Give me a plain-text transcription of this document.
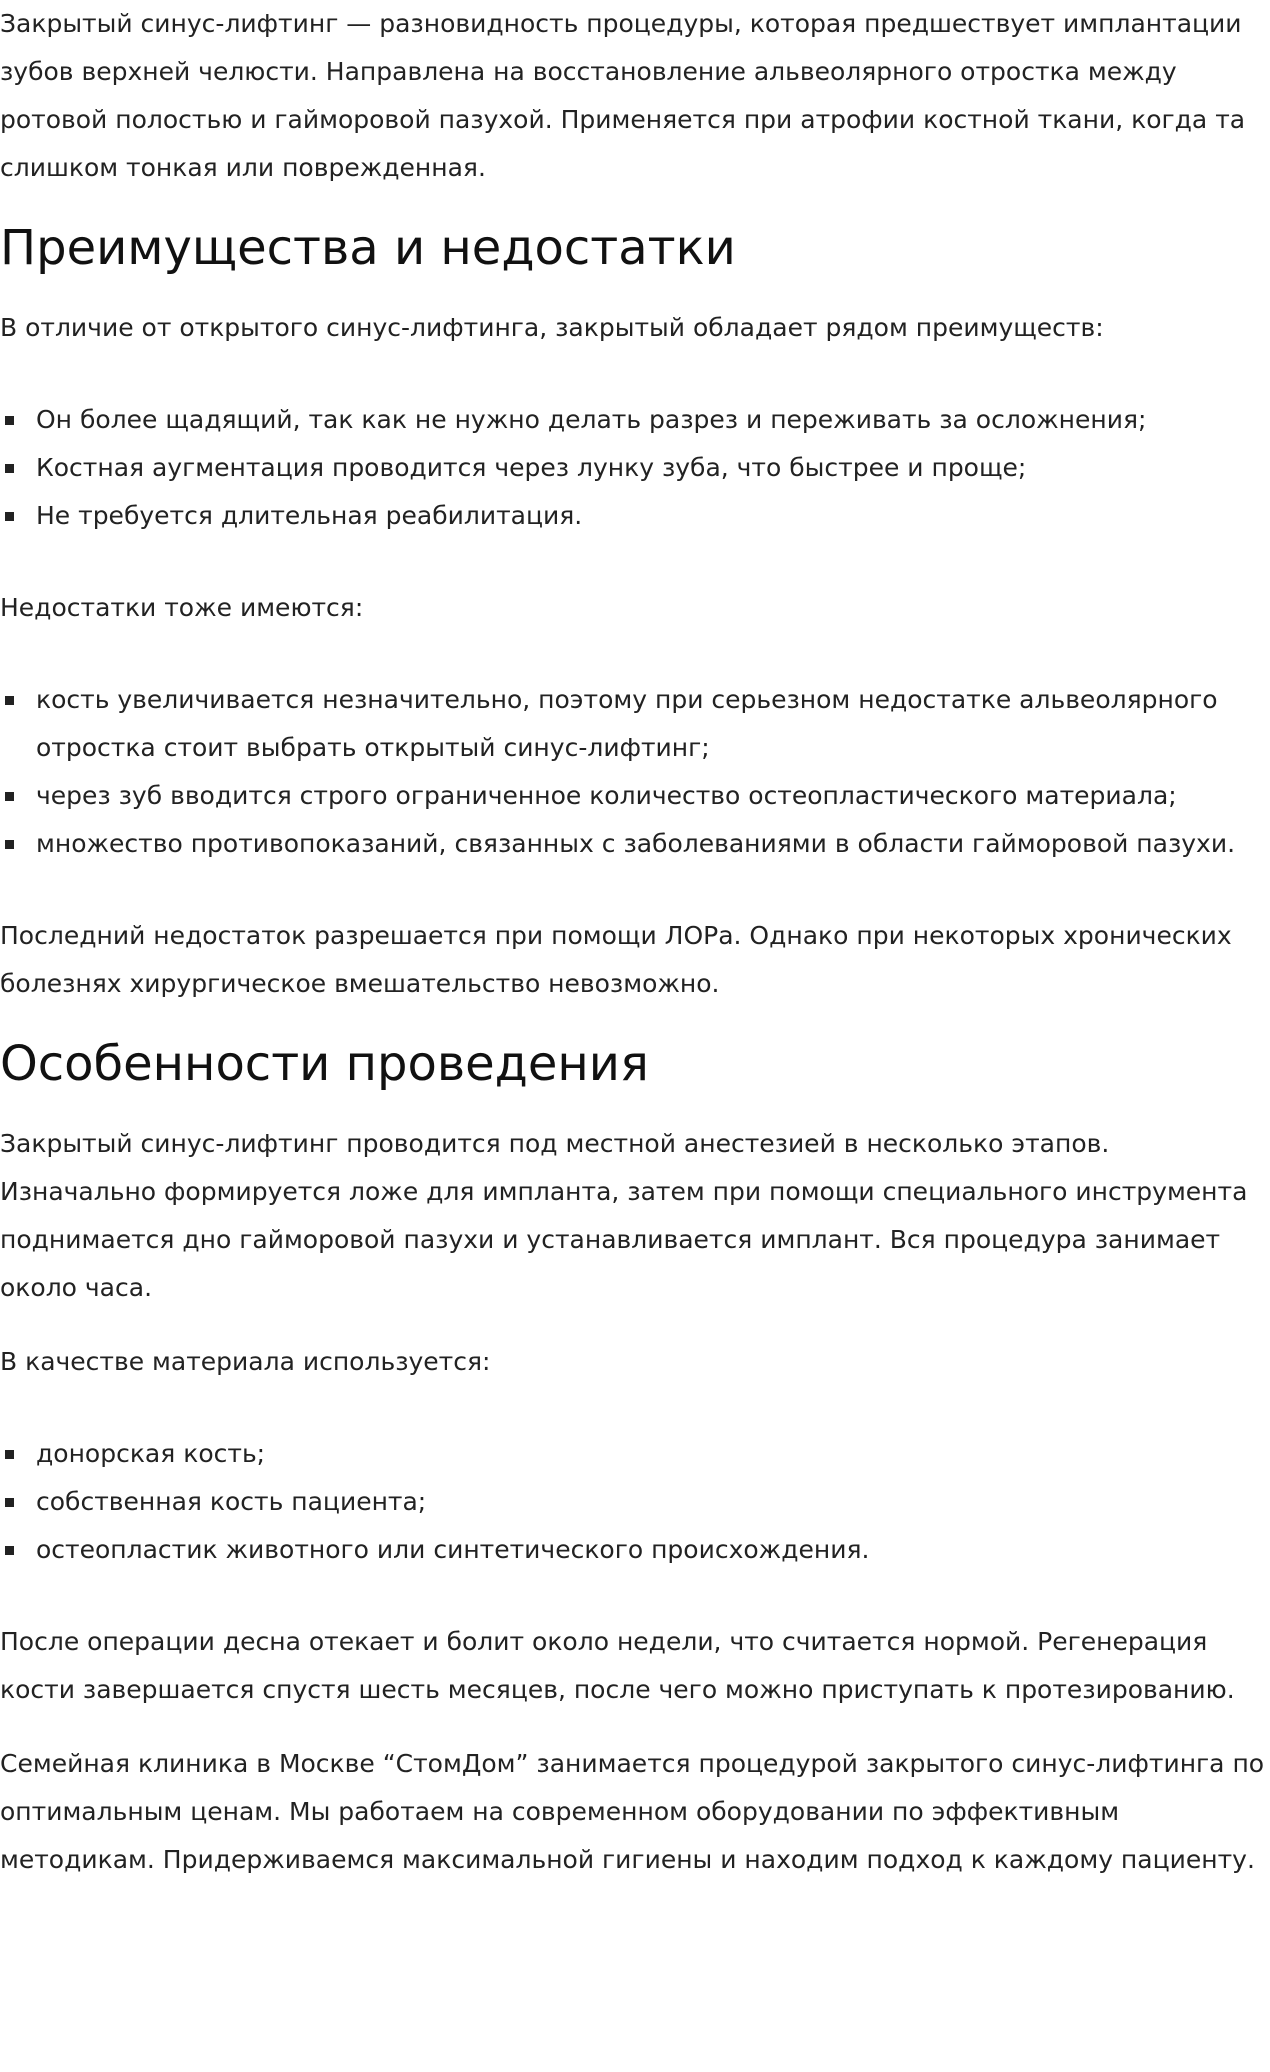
Закрытый синус-лифтинг — разновидность процедуры, которая предшествует имплантации зубов верхней челюсти. Направлена на восстановление альвеолярного отростка между ротовой полостью и гайморовой пазухой. Применяется при атрофии костной ткани, когда та слишком тонкая или поврежденная.

Преимущества и недостатки

В отличие от открытого синус-лифтинга, закрытый обладает рядом преимуществ:

Он более щадящий, так как не нужно делать разрез и переживать за осложнения;
Костная аугментация проводится через лунку зуба, что быстрее и проще;
Не требуется длительная реабилитация.

Недостатки тоже имеются:

кость увеличивается незначительно, поэтому при серьезном недостатке альвеолярного отростка стоит выбрать открытый синус-лифтинг;
через зуб вводится строго ограниченное количество остеопластического материала;
множество противопоказаний, связанных с заболеваниями в области гайморовой пазухи.

Последний недостаток разрешается при помощи ЛОРа. Однако при некоторых хронических болезнях хирургическое вмешательство невозможно.

Особенности проведения

Закрытый синус-лифтинг проводится под местной анестезией в несколько этапов. Изначально формируется ложе для импланта, затем при помощи специального инструмента поднимается дно гайморовой пазухи и устанавливается имплант. Вся процедура занимает около часа.

В качестве материала используется:

донорская кость;
собственная кость пациента;
остеопластик животного или синтетического происхождения.

После операции десна отекает и болит около недели, что считается нормой. Регенерация кости завершается спустя шесть месяцев, после чего можно приступать к протезированию.

Семейная клиника в Москве “СтомДом” занимается процедурой закрытого синус-лифтинга по оптимальным ценам. Мы работаем на современном оборудовании по эффективным методикам. Придерживаемся максимальной гигиены и находим подход к каждому пациенту.
